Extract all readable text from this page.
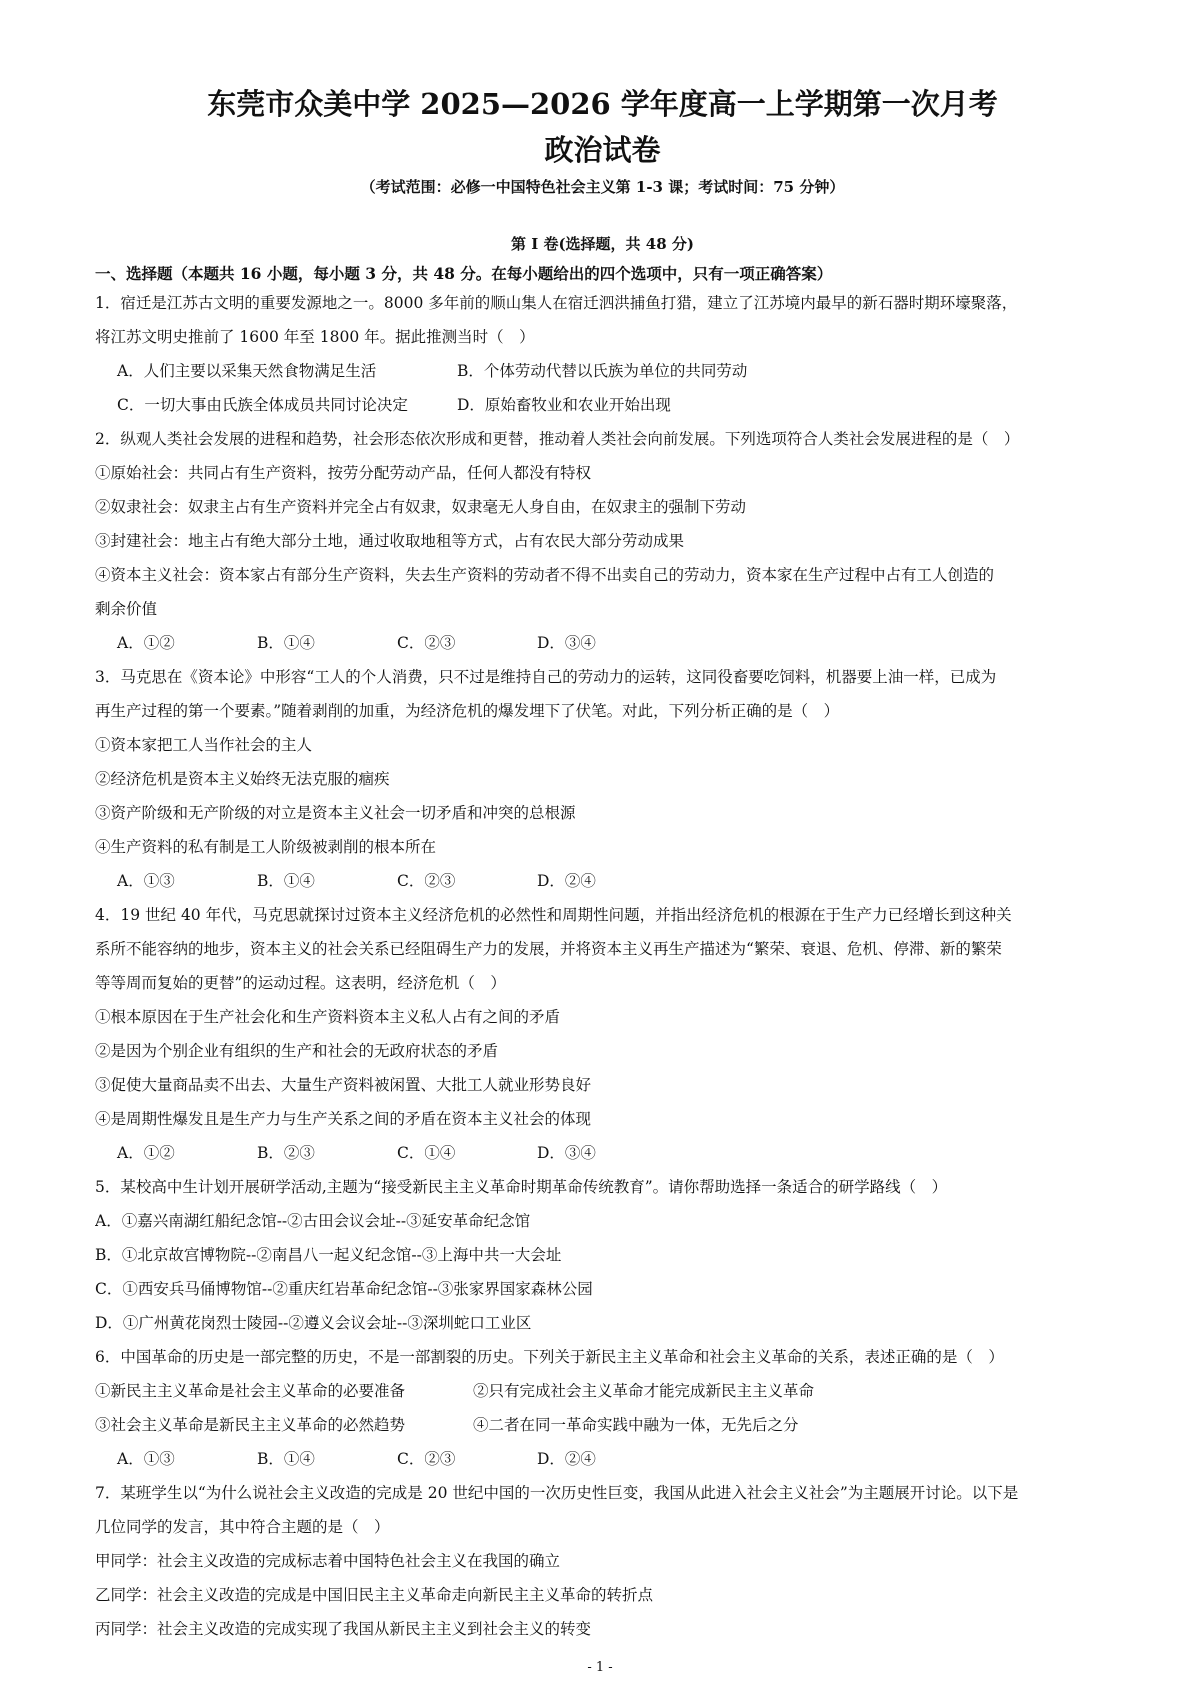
东莞市众美中学 2025—2026 学年度高一上学期第一次月考
政治试卷
（考试范围：必修一中国特色社会主义第 1-3 课；考试时间：75 分钟）
第 I 卷(选择题，共 48 分)
一、选择题（本题共 16 小题，每小题 3 分，共 48 分。在每小题给出的四个选项中，只有一项正确答案）
1．宿迁是江苏古文明的重要发源地之一。8000 多年前的顺山集人在宿迁泗洪捕鱼打猎，建立了江苏境内最早的新石器时期环壕聚落，
将江苏文明史推前了 1600 年至 1800 年。据此推测当时（　）
A．人们主要以采集天然食物满足生活	B．个体劳动代替以氏族为单位的共同劳动
C．一切大事由氏族全体成员共同讨论决定	D．原始畜牧业和农业开始出现
2．纵观人类社会发展的进程和趋势，社会形态依次形成和更替，推动着人类社会向前发展。下列选项符合人类社会发展进程的是（　）
①原始社会：共同占有生产资料，按劳分配劳动产品，任何人都没有特权
②奴隶社会：奴隶主占有生产资料并完全占有奴隶，奴隶毫无人身自由，在奴隶主的强制下劳动
③封建社会：地主占有绝大部分土地，通过收取地租等方式，占有农民大部分劳动成果
④资本主义社会：资本家占有部分生产资料，失去生产资料的劳动者不得不出卖自己的劳动力，资本家在生产过程中占有工人创造的
剩余价值
A．①②	B．①④	C．②③	D．③④
3．马克思在《资本论》中形容“工人的个人消费，只不过是维持自己的劳动力的运转，这同役畜要吃饲料，机器要上油一样，已成为
再生产过程的第一个要素。”随着剥削的加重，为经济危机的爆发埋下了伏笔。对此，下列分析正确的是（　）
①资本家把工人当作社会的主人
②经济危机是资本主义始终无法克服的痼疾
③资产阶级和无产阶级的对立是资本主义社会一切矛盾和冲突的总根源
④生产资料的私有制是工人阶级被剥削的根本所在
A．①③	B．①④	C．②③	D．②④
4．19 世纪 40 年代，马克思就探讨过资本主义经济危机的必然性和周期性问题，并指出经济危机的根源在于生产力已经增长到这种关
系所不能容纳的地步，资本主义的社会关系已经阻碍生产力的发展，并将资本主义再生产描述为“繁荣、衰退、危机、停滞、新的繁荣
等等周而复始的更替”的运动过程。这表明，经济危机（　）
①根本原因在于生产社会化和生产资料资本主义私人占有之间的矛盾
②是因为个别企业有组织的生产和社会的无政府状态的矛盾
③促使大量商品卖不出去、大量生产资料被闲置、大批工人就业形势良好
④是周期性爆发且是生产力与生产关系之间的矛盾在资本主义社会的体现
A．①②	B．②③	C．①④	D．③④
5．某校高中生计划开展研学活动,主题为“接受新民主主义革命时期革命传统教育”。请你帮助选择一条适合的研学路线（　）
A．①嘉兴南湖红船纪念馆--②古田会议会址--③延安革命纪念馆
B．①北京故宫博物院--②南昌八一起义纪念馆--③上海中共一大会址
C．①西安兵马俑博物馆--②重庆红岩革命纪念馆--③张家界国家森林公园
D．①广州黄花岗烈士陵园--②遵义会议会址--③深圳蛇口工业区
6．中国革命的历史是一部完整的历史，不是一部割裂的历史。下列关于新民主主义革命和社会主义革命的关系，表述正确的是（　）
①新民主主义革命是社会主义革命的必要准备	②只有完成社会主义革命才能完成新民主主义革命
③社会主义革命是新民主主义革命的必然趋势	④二者在同一革命实践中融为一体，无先后之分
A．①③	B．①④	C．②③	D．②④
7．某班学生以“为什么说社会主义改造的完成是 20 世纪中国的一次历史性巨变，我国从此进入社会主义社会”为主题展开讨论。以下是
几位同学的发言，其中符合主题的是（　）
甲同学：社会主义改造的完成标志着中国特色社会主义在我国的确立
乙同学：社会主义改造的完成是中国旧民主主义革命走向新民主主义革命的转折点
丙同学：社会主义改造的完成实现了我国从新民主主义到社会主义的转变
- 1 -
